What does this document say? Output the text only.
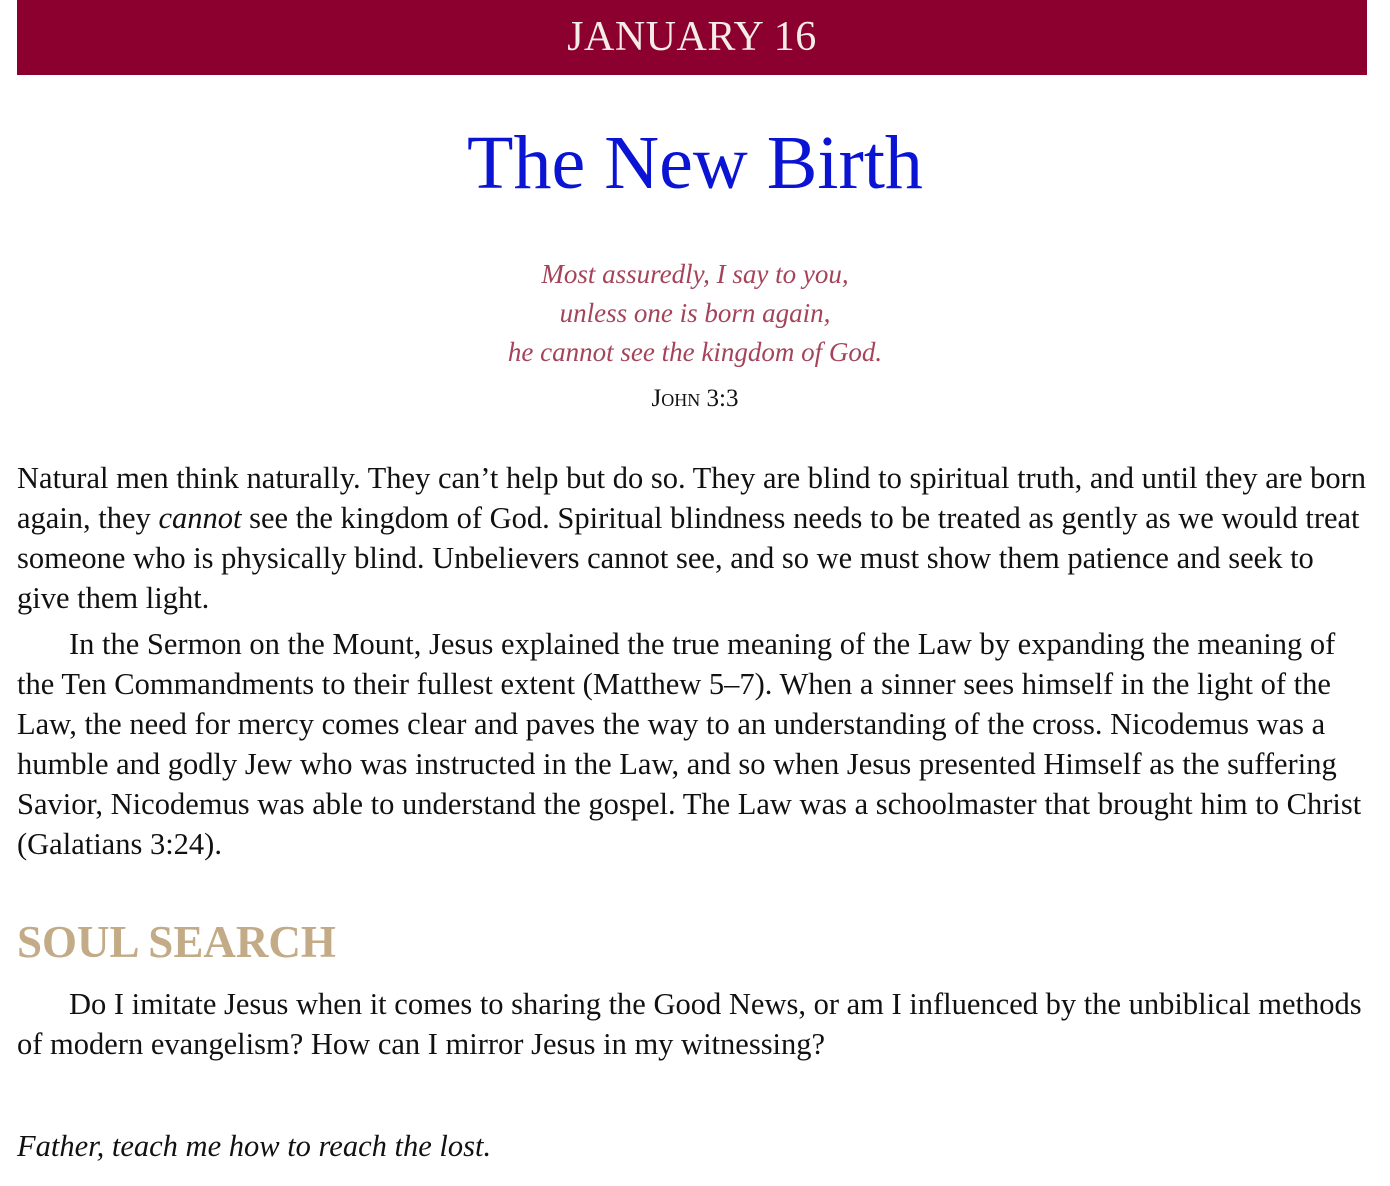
JANUARY 16
The New Birth
Most assuredly, I say to you,
unless one is born again,
he cannot see the kingdom of God.
John 3:3

Natural men think naturally. They can’t help but do so. They are blind to spiritual truth, and until they are born again, they cannot see the kingdom of God. Spiritual blindness needs to be treated as gently as we would treat someone who is physically blind. Unbelievers cannot see, and so we must show them patience and seek to give them light.

In the Sermon on the Mount, Jesus explained the true meaning of the Law by expanding the meaning of the Ten Commandments to their fullest extent (Matthew 5–7). When a sinner sees himself in the light of the Law, the need for mercy comes clear and paves the way to an understanding of the cross. Nicodemus was a humble and godly Jew who was instructed in the Law, and so when Jesus presented Himself as the suffering Savior, Nicodemus was able to understand the gospel. The Law was a schoolmaster that brought him to Christ (Galatians 3:24).

SOUL SEARCH

Do I imitate Jesus when it comes to sharing the Good News, or am I influenced by the unbiblical methods of modern evangelism? How can I mirror Jesus in my witnessing?

Father, teach me how to reach the lost.
